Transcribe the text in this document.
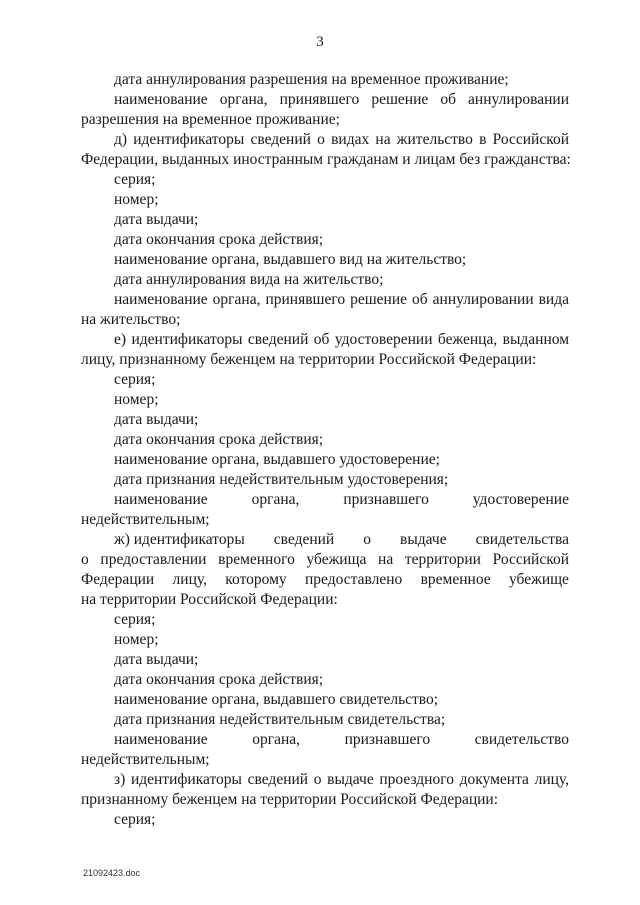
3
дата аннулирования разрешения на временное проживание;
наименование органа, принявшего решение об аннулировании
разрешения на временное проживание;
д) идентификаторы сведений о видах на жительство в Российской
Федерации, выданных иностранным гражданам и лицам без гражданства:
серия;
номер;
дата выдачи;
дата окончания срока действия;
наименование органа, выдавшего вид на жительство;
дата аннулирования вида на жительство;
наименование органа, принявшего решение об аннулировании вида
на жительство;
е) идентификаторы сведений об удостоверении беженца, выданном
лицу, признанному беженцем на территории Российской Федерации:
серия;
номер;
дата выдачи;
дата окончания срока действия;
наименование органа, выдавшего удостоверение;
дата признания недействительным удостоверения;
наименование	органа,	признавшего	удостоверение
недействительным;
ж) идентификаторы сведений о выдаче свидетельства
о предоставлении временного убежища на территории Российской
Федерации лицу, которому предоставлено временное убежище
на территории Российской Федерации:
серия;
номер;
дата выдачи;
дата окончания срока действия;
наименование органа, выдавшего свидетельство;
дата признания недействительным свидетельства;
наименование	органа,	признавшего	свидетельство
недействительным;
з) идентификаторы сведений о выдаче проездного документа лицу,
признанному беженцем на территории Российской Федерации:
серия;
21092423.doc
